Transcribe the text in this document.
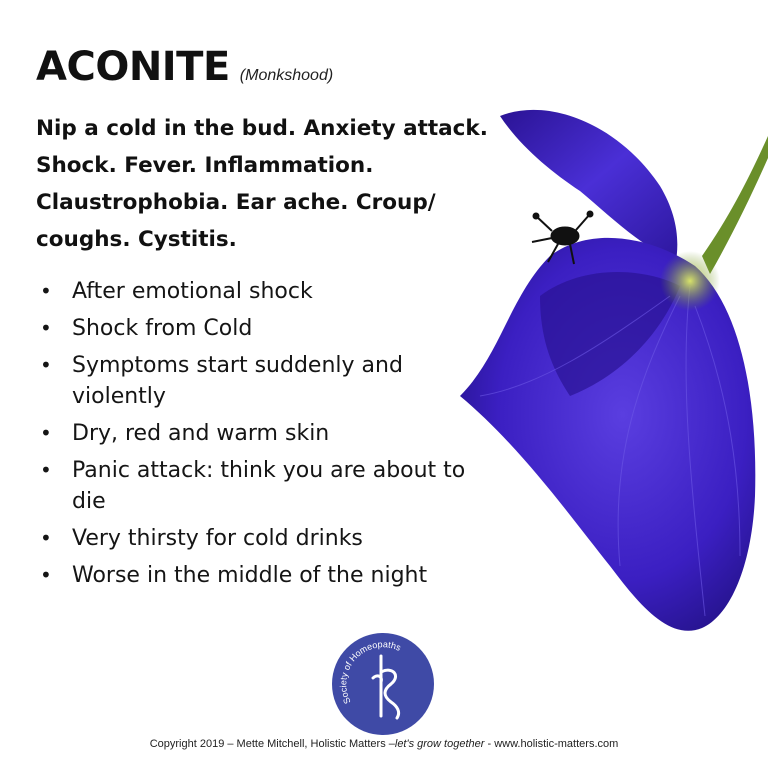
ACONITE (Monkshood)

Nip a cold in the bud. Anxiety attack. Shock. Fever. Inflammation. Claustrophobia. Ear ache. Croup/ coughs. Cystitis.

• After emotional shock
• Shock from Cold
• Symptoms start suddenly and violently
• Dry, red and warm skin
• Panic attack: think you are about to die
• Very thirsty for cold drinks
• Worse in the middle of the night
Society of Homeopaths
Copyright 2019 – Mette Mitchell, Holistic Matters –let's grow together - www.holistic-matters.com
